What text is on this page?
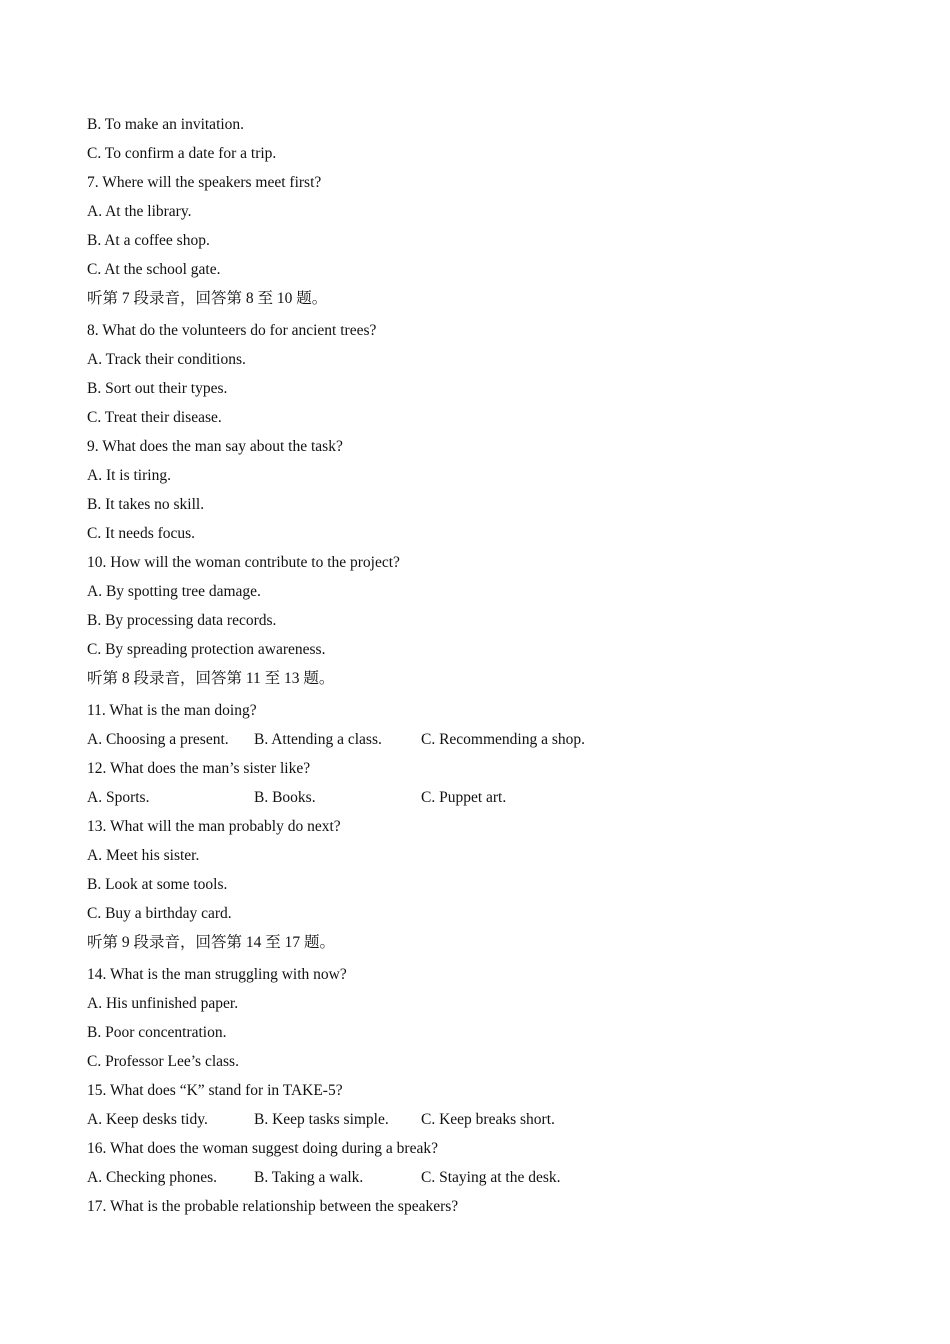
B. To make an invitation.
C. To confirm a date for a trip.
7. Where will the speakers meet first?
A. At the library.
B. At a coffee shop.
C. At the school gate.
听第 7 段录音，回答第 8 至 10 题。
8. What do the volunteers do for ancient trees?
A. Track their conditions.
B. Sort out their types.
C. Treat their disease.
9. What does the man say about the task?
A. It is tiring.
B. It takes no skill.
C. It needs focus.
10. How will the woman contribute to the project?
A. By spotting tree damage.
B. By processing data records.
C. By spreading protection awareness.
听第 8 段录音，回答第 11 至 13 题。
11. What is the man doing?
A. Choosing a present. B. Attending a class.	C. Recommending a shop.
12. What does the man’s sister like?
A. Sports.	B. Books.	C. Puppet art.
13. What will the man probably do next?
A. Meet his sister.
B. Look at some tools.
C. Buy a birthday card.
听第 9 段录音，回答第 14 至 17 题。
14. What is the man struggling with now?
A. His unfinished paper.
B. Poor concentration.
C. Professor Lee’s class.
15. What does “K” stand for in TAKE-5?
A. Keep desks tidy.	B. Keep tasks simple. C. Keep breaks short.
16. What does the woman suggest doing during a break?
A. Checking phones. B. Taking a walk.	C. Staying at the desk.
17. What is the probable relationship between the speakers?
